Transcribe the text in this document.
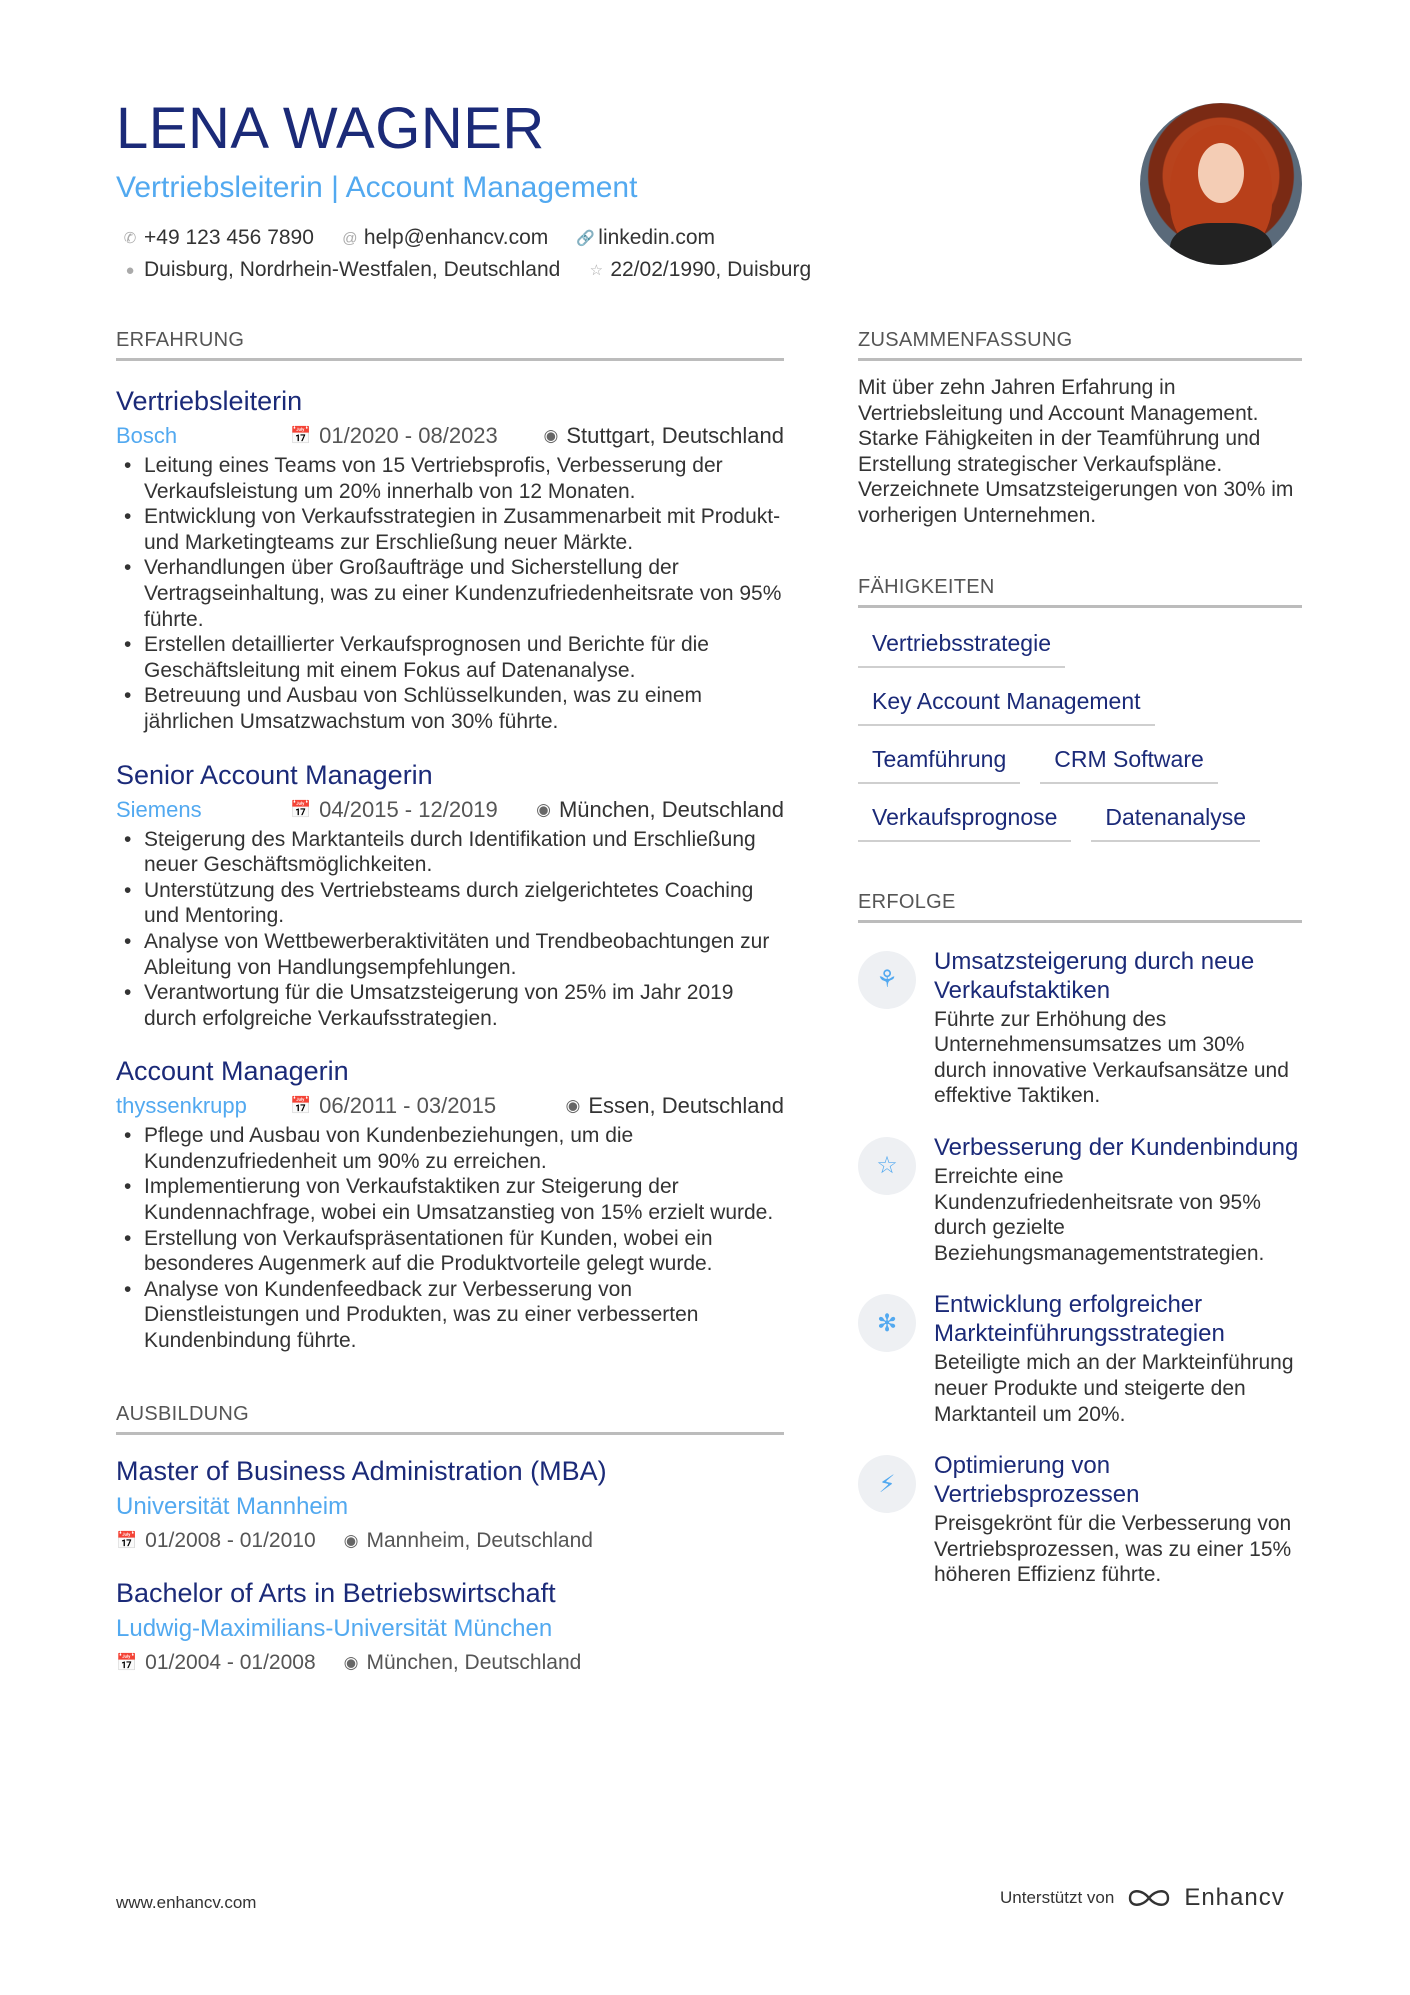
LENA WAGNER
Vertriebsleiterin | Account Management
✆ +49 123 456 7890 @ help@enhancv.com 🔗 linkedin.com
● Duisburg, Nordrhein-Westfalen, Deutschland ☆ 22/02/1990, Duisburg
ERFAHRUNG
Vertriebsleiterin
Bosch	📅 01/2020 - 08/2023	◉ Stuttgart, Deutschland
• Leitung eines Teams von 15 Vertriebsprofis, Verbesserung der Verkaufsleistung um 20% innerhalb von 12 Monaten.
• Entwicklung von Verkaufsstrategien in Zusammenarbeit mit Produkt- und Marketingteams zur Erschließung neuer Märkte.
• Verhandlungen über Großaufträge und Sicherstellung der Vertragseinhaltung, was zu einer Kundenzufriedenheitsrate von 95% führte.
• Erstellen detaillierter Verkaufsprognosen und Berichte für die Geschäftsleitung mit einem Fokus auf Datenanalyse.
• Betreuung und Ausbau von Schlüsselkunden, was zu einem jährlichen Umsatzwachstum von 30% führte.
Senior Account Managerin
Siemens	📅 04/2015 - 12/2019 ◉ München, Deutschland
• Steigerung des Marktanteils durch Identifikation und Erschließung neuer Geschäftsmöglichkeiten.
• Unterstützung des Vertriebsteams durch zielgerichtetes Coaching und Mentoring.
• Analyse von Wettbewerberaktivitäten und Trendbeobachtungen zur Ableitung von Handlungsempfehlungen.
• Verantwortung für die Umsatzsteigerung von 25% im Jahr 2019 durch erfolgreiche Verkaufsstrategien.
Account Managerin
thyssenkrupp	📅 06/2011 - 03/2015	◉ Essen, Deutschland
• Pflege und Ausbau von Kundenbeziehungen, um die Kundenzufriedenheit um 90% zu erreichen.
• Implementierung von Verkaufstaktiken zur Steigerung der Kundennachfrage, wobei ein Umsatzanstieg von 15% erzielt wurde.
• Erstellung von Verkaufspräsentationen für Kunden, wobei ein besonderes Augenmerk auf die Produktvorteile gelegt wurde.
• Analyse von Kundenfeedback zur Verbesserung von Dienstleistungen und Produkten, was zu einer verbesserten Kundenbindung führte.
AUSBILDUNG
Master of Business Administration (MBA)
Universität Mannheim
📅 01/2008 - 01/2010 ◉ Mannheim, Deutschland
Bachelor of Arts in Betriebswirtschaft
Ludwig-Maximilians-Universität München
📅 01/2004 - 01/2008 ◉ München, Deutschland
ZUSAMMENFASSUNG
Mit über zehn Jahren Erfahrung in Vertriebsleitung und Account Management. Starke Fähigkeiten in der Teamführung und Erstellung strategischer Verkaufspläne. Verzeichnete Umsatzsteigerungen von 30% im vorherigen Unternehmen.
FÄHIGKEITEN
Vertriebsstrategie
Key Account Management
Teamführung	CRM Software
Verkaufsprognose	Datenanalyse
ERFOLGE
⚘
Umsatzsteigerung durch neue Verkaufstaktiken
Führte zur Erhöhung des Unternehmensumsatzes um 30% durch innovative Verkaufsansätze und effektive Taktiken.
☆
Verbesserung der Kundenbindung
Erreichte eine Kundenzufriedenheitsrate von 95% durch gezielte Beziehungsmanagementstrategien.
✻
Entwicklung erfolgreicher Markteinführungsstrategien
Beteiligte mich an der Markteinführung neuer Produkte und steigerte den Marktanteil um 20%.
⚡
Optimierung von Vertriebsprozessen
Preisgekrönt für die Verbesserung von Vertriebsprozessen, was zu einer 15% höheren Effizienz führte.
www.enhancv.com	Unterstützt von	Enhancv
